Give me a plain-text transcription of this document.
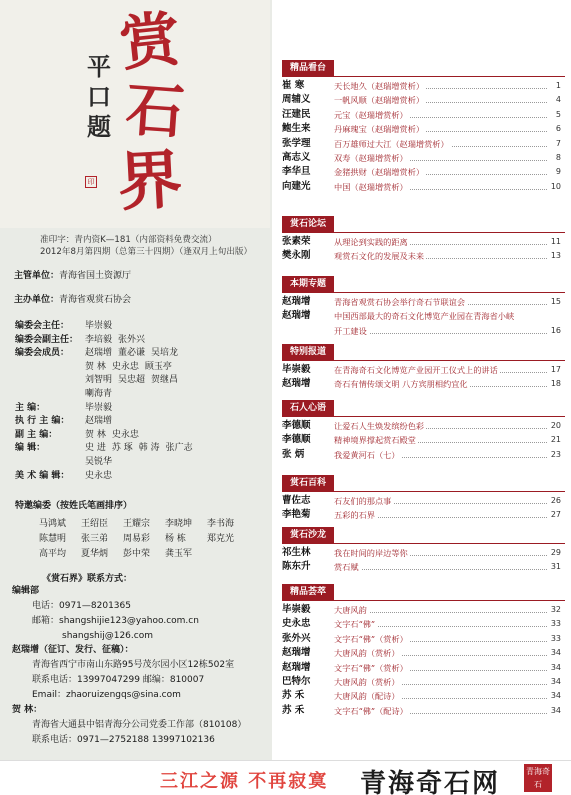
赏
石
界
平口题
印
准印字：青内资K—181（内部资料免费交流）
2012年8月第四期（总第三十四期）（逢双月上旬出版）
主管单位：青海省国土资源厅
主办单位：青海省观赏石协会
编委会主任： 毕崇毅
编委会副主任： 李培毅 张外兴
编委会成员： 赵瑞增 董必谦 吴培龙
贺 林 史永忠 顾玉亭
刘智明 吴忠超 贺继昌
喇海青
主 编：	毕崇毅
执 行 主 编： 赵瑞增
副 主 编：	贺 林 史永忠
编 辑：	史 进 苏 琢 韩 涛 张广志
吴锐华
美 术 编 辑： 史永忠
特邀编委（按姓氏笔画排序）
《赏石界》联系方式：
编辑部
电话：0971—8201365
邮箱：shangshijie123@yahoo.com.cn
shangshij@126.com
赵瑞增（征订、发行、征稿）：
青海省西宁市南山东路95号茂尔园小区12栋502室
联系电话：13997047299 邮编：810007
Email：zhaoruizengqs@sina.com
贺 林：
青海省大通县中铝青海分公司党委工作部（810108）
联系电话：0971—2752188 13997102136
精品看台
崔 寒	天长地久（赵瑞增赏析）	1
周辅义	一帆风顺（赵瑞增赏析）	4
汪建民	元宝（赵瑞增赏析）	5
鲍生来	丹麻瑰宝（赵瑞增赏析）	6
张学理	百万雄师过大江（赵瑞增赏析）	7
高志义	双寿（赵瑞增赏析）	8
李华旦	金猪拱财（赵瑞增赏析）	9
向建光	中国（赵瑞增赏析）	10
赏石论坛
张素荣	从理论到实践的距离	11
樊永刚	观赏石文化的发展及未来	13
本期专题
赵瑞增	青海省观赏石协会举行奇石节联谊会	15
赵瑞增	中国西部最大的奇石文化博览产业园在青海省小峡
开工建设	16
特别报道
毕崇毅	在青海奇石文化博览产业园开工仪式上的讲话	17
赵瑞增	奇石有情传颂文明 八方宾朋相约宜化	18
石人心语
李德顺	让爱石人生焕发缤纷色彩	20
李德顺	精神境界撑起赏石殿堂	21
张 炳	我爱黄河石（七）	23
赏石百科
曹佐志	石友们的那点事	26
李艳菊	五彩的石界	27
赏石沙龙
祁生林	我在时间的岸边等你	29
陈东升	赏石赋	31
精品荟萃
毕崇毅	大唐风韵	32
史永忠	文字石“佛”	33
张外兴	文字石“佛”（赏析）	33
赵瑞增	大唐风韵（赏析）	34
赵瑞增	文字石“佛”（赏析）	34
巴特尔	大唐风韵（赏析）	34
苏 禾	大唐风韵（配诗）	34
苏 禾	文字石“佛”（配诗）	34
三江之源 不再寂寞 青海奇石网	青海奇石
马鸿斌 王绍臣 王耀宗 李晓坤 李书海
陈慧明 张三弟 周易彩 杨 栋 郑克光
高平均 夏华炳 彭中荣 龚玉军
